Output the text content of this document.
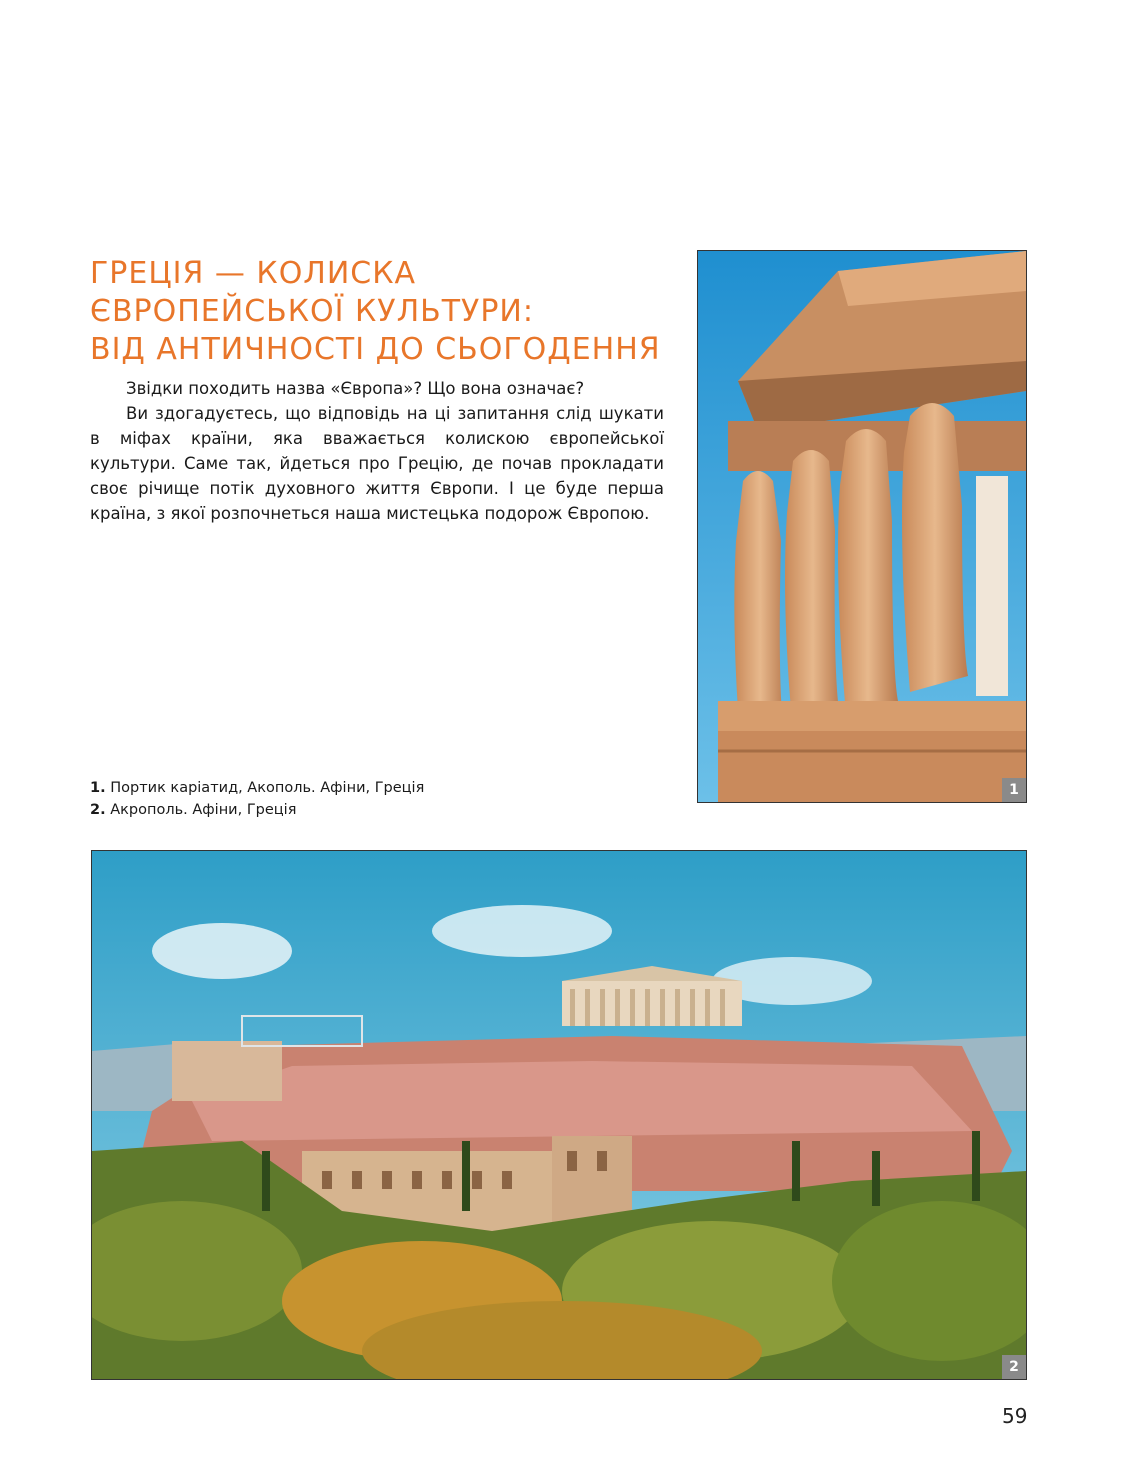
ГРЕЦІЯ — КОЛИСКА
ЄВРОПЕЙСЬКОЇ КУЛЬТУРИ:
ВІД АНТИЧНОСТІ ДО СЬОГОДЕННЯ

Звідки походить назва «Європа»? Що вона означає?

Ви здогадуєтесь, що відповідь на ці запитання слід шукати в міфах країни, яка вважається колискою європейської культури. Саме так, йдеться про Грецію, де почав прокладати своє річище потік духовного життя Європи. І це буде перша країна, з якої розпочнеться наша мистецька подорож Європою.

1. Портик каріатид, Акополь. Афіни, Греція
2. Акрополь. Афіни, Греція
1
2
59
